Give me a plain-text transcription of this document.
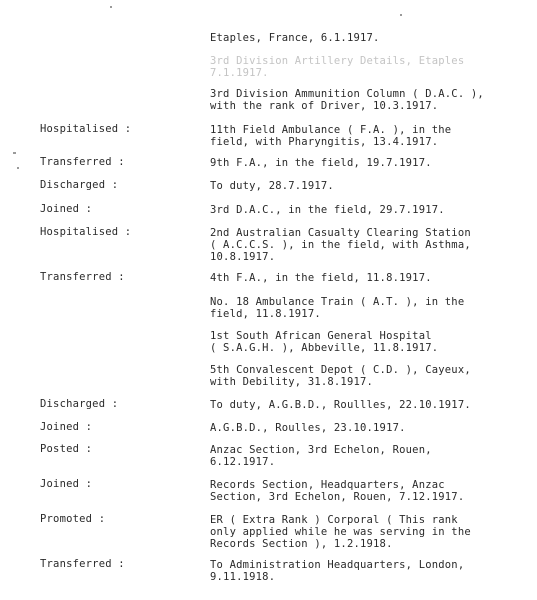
Etaples, France, 6.1.1917.
3rd Division Artillery Details, Etaples
7.1.1917.
3rd Division Ammunition Column ( D.A.C. ),
with the rank of Driver, 10.3.1917.
Hospitalised :	11th Field Ambulance ( F.A. ), in the
field, with Pharyngitis, 13.4.1917.
Transferred :	9th F.A., in the field, 19.7.1917.
Discharged :	To duty, 28.7.1917.
Joined :	3rd D.A.C., in the field, 29.7.1917.
Hospitalised :	2nd Australian Casualty Clearing Station
( A.C.C.S. ), in the field, with Asthma,
10.8.1917.
Transferred :	4th F.A., in the field, 11.8.1917.
No. 18 Ambulance Train ( A.T. ), in the
field, 11.8.1917.
1st South African General Hospital
( S.A.G.H. ), Abbeville, 11.8.1917.
5th Convalescent Depot ( C.D. ), Cayeux,
with Debility, 31.8.1917.
Discharged :	To duty, A.G.B.D., Roullles, 22.10.1917.
Joined :	A.G.B.D., Roulles, 23.10.1917.
Posted :	Anzac Section, 3rd Echelon, Rouen,
6.12.1917.
Joined :	Records Section, Headquarters, Anzac
Section, 3rd Echelon, Rouen, 7.12.1917.
Promoted :	ER ( Extra Rank ) Corporal ( This rank
only applied while he was serving in the
Records Section ), 1.2.1918.
Transferred :	To Administration Headquarters, London,
9.11.1918.
